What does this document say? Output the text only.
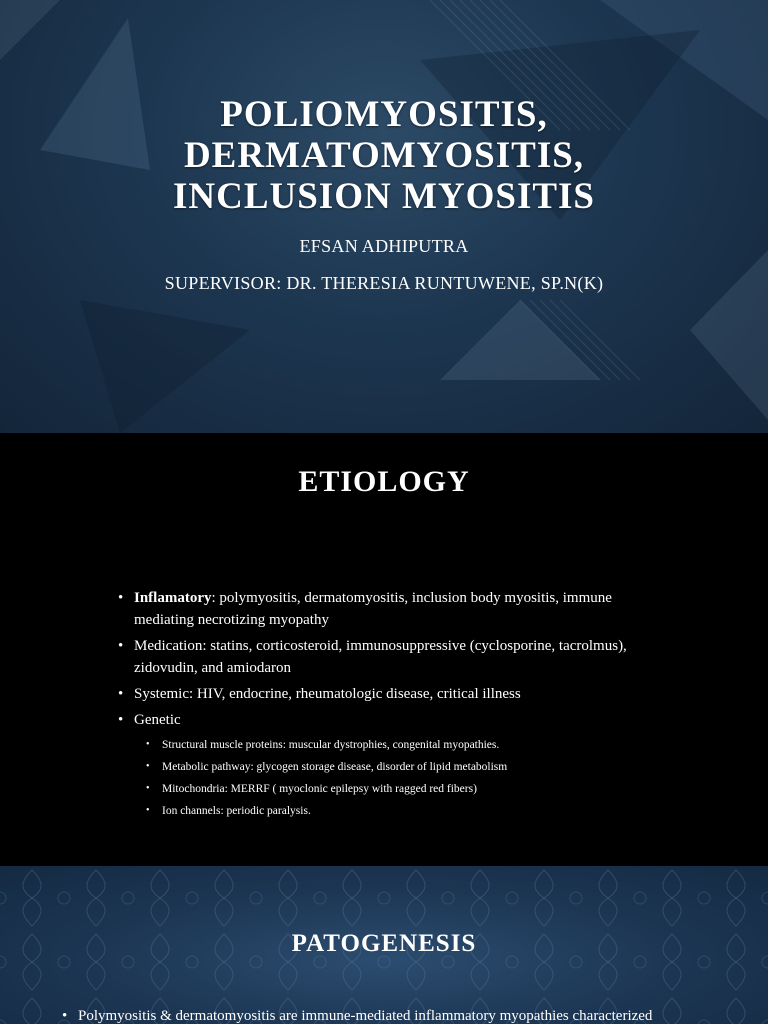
POLIOMYOSITIS,
DERMATOMYOSITIS,
INCLUSION MYOSITIS
EFSAN ADHIPUTRA
SUPERVISOR: DR. THERESIA RUNTUWENE, SP.N(K)
ETIOLOGY
• Inflamatory: polymyositis, dermatomyositis, inclusion body myositis, immune mediating necrotizing myopathy
• Medication: statins, corticosteroid, immunosuppressive (cyclosporine, tacrolmus), zidovudin, and amiodaron
• Systemic: HIV, endocrine, rheumatologic disease, critical illness
• Genetic
• Structural muscle proteins: muscular dystrophies, congenital myopathies.
• Metabolic pathway: glycogen storage disease, disorder of lipid metabolism
• Mitochondria: MERRF ( myoclonic epilepsy with ragged red fibers)
• Ion channels: periodic paralysis.
PATOGENESIS
• Polymyositis & dermatomyositis are immune-mediated inflammatory myopathies characterized
